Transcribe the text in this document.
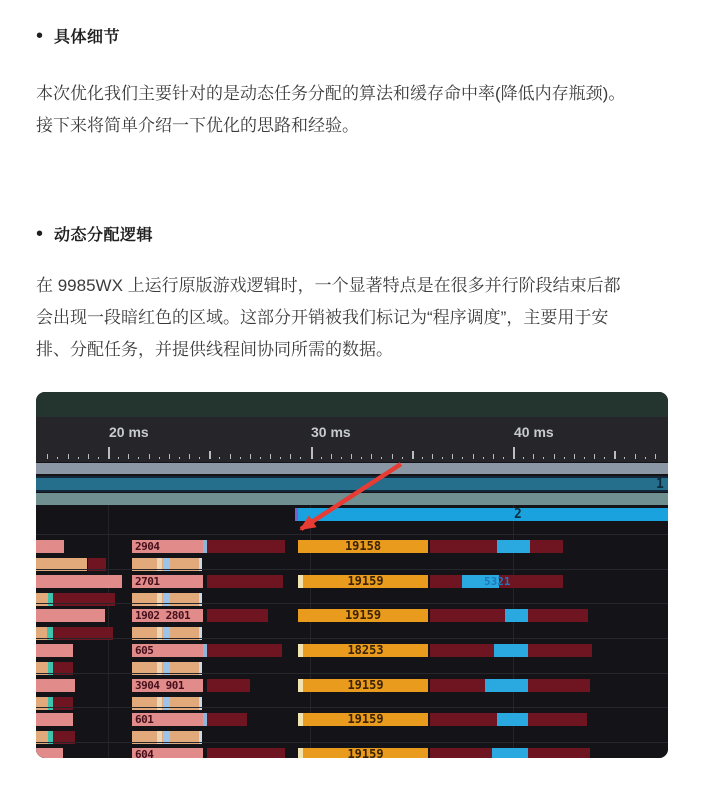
• 具体细节
本次优化我们主要针对的是动态任务分配的算法和缓存命中率(降低内存瓶颈)。
接下来将简单介绍一下优化的思路和经验。
• 动态分配逻辑
在 9985WX 上运行原版游戏逻辑时，一个显著特点是在很多并行阶段结束后都
会出现一段暗红色的区域。这部分开销被我们标记为“程序调度”，主要用于安
排、分配任务，并提供线程间协同所需的数据。
20 ms	30 ms	40 ms
1
2
2904	19158
2701	19159
1902 2801	19159
605	18253
3904 901	19159
601	19159
604	19159
5321
